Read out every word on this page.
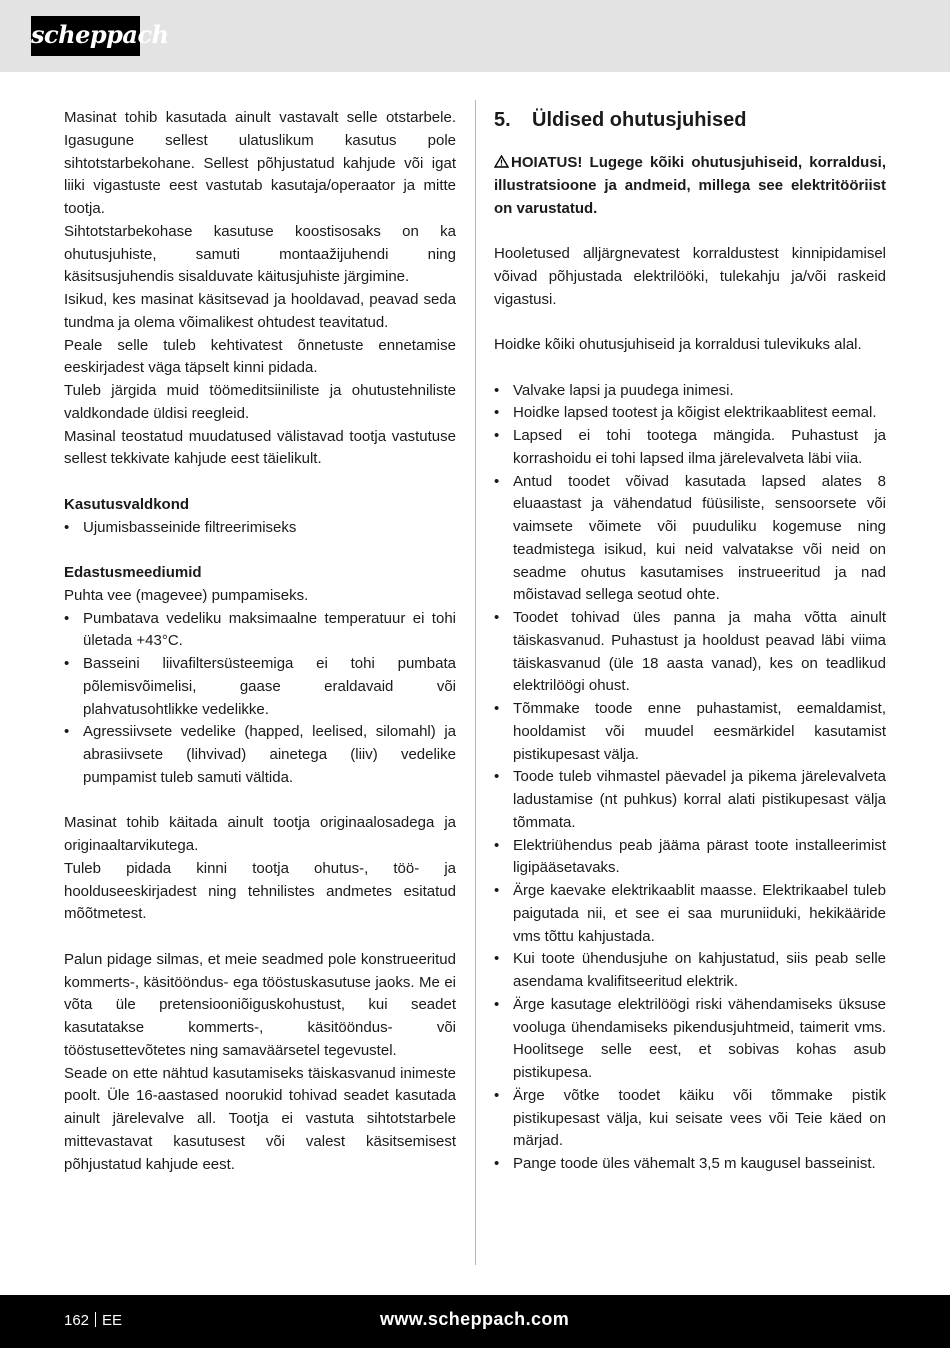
scheppach

Masinat tohib kasutada ainult vastavalt selle otstarbele. Igasugune sellest ulatuslikum kasutus pole sihtotstarbekohane. Sellest põhjustatud kahjude või igat liiki vigastuste eest vastutab kasutaja/operaator ja mitte tootja.

Sihtotstarbekohase kasutuse koostisosaks on ka ohutusjuhiste, samuti montaažijuhendi ning käsitsusjuhendis sisalduvate käitusjuhiste järgimine.

Isikud, kes masinat käsitsevad ja hooldavad, peavad seda tundma ja olema võimalikest ohtudest teavitatud.

Peale selle tuleb kehtivatest õnnetuste ennetamise eeskirjadest väga täpselt kinni pidada.

Tuleb järgida muid töömeditsiiniliste ja ohutustehniliste valdkondade üldisi reegleid.

Masinal teostatud muudatused välistavad tootja vastutuse sellest tekkivate kahjude eest täielikult.

Kasutusvaldkond

• Ujumisbasseinide filtreerimiseks

Edastusmeediumid

Puhta vee (magevee) pumpamiseks.

• Pumbatava vedeliku maksimaalne temperatuur ei tohi ületada +43°C.
• Basseini liivafiltersüsteemiga ei tohi pumbata põlemisvõimelisi, gaase eraldavaid või plahvatusohtlikke vedelikke.
• Agressiivsete vedelike (happed, leelised, silomahl) ja abrasiivsete (lihvivad) ainetega (liiv) vedelike pumpamist tuleb samuti vältida.

Masinat tohib käitada ainult tootja originaalosadega ja originaaltarvikutega.

Tuleb pidada kinni tootja ohutus-, töö- ja hoolduseeskirjadest ning tehnilistes andmetes esitatud mõõtmetest.

Palun pidage silmas, et meie seadmed pole konstrueeritud kommerts-, käsitööndus- ega tööstuskasutuse jaoks. Me ei võta üle pretensiooniõiguskohustust, kui seadet kasutatakse kommerts-, käsitööndus- või tööstusettevõtetes ning samaväärsetel tegevustel.

Seade on ette nähtud kasutamiseks täiskasvanud inimeste poolt. Üle 16-aastased noorukid tohivad seadet kasutada ainult järelevalve all. Tootja ei vastuta sihtotstarbele mittevastavat kasutusest või valest käsitsemisest põhjustatud kahjude eest.

5. Üldised ohutusjuhised

HOIATUS! Lugege kõiki ohutusjuhiseid, korraldusi, illustratsioone ja andmeid, millega see elektritööriist on varustatud.

Hooletused alljärgnevatest korraldustest kinnipidamisel võivad põhjustada elektrilööki, tulekahju ja/või raskeid vigastusi.

Hoidke kõiki ohutusjuhiseid ja korraldusi tulevikuks alal.

• Valvake lapsi ja puudega inimesi.
• Hoidke lapsed tootest ja kõigist elektrikaablitest eemal.
• Lapsed ei tohi tootega mängida. Puhastust ja korrashoidu ei tohi lapsed ilma järelevalveta läbi viia.
• Antud toodet võivad kasutada lapsed alates 8 eluaastast ja vähendatud füüsiliste, sensoorsete või vaimsete võimete või puuduliku kogemuse ning teadmistega isikud, kui neid valvatakse või neid on seadme ohutus kasutamises instrueeritud ja nad mõistavad sellega seotud ohte.
• Toodet tohivad üles panna ja maha võtta ainult täiskasvanud. Puhastust ja hooldust peavad läbi viima täiskasvanud (üle 18 aasta vanad), kes on teadlikud elektrilöögi ohust.
• Tõmmake toode enne puhastamist, eemaldamist, hooldamist või muudel eesmärkidel kasutamist pistikupesast välja.
• Toode tuleb vihmastel päevadel ja pikema järelevalveta ladustamise (nt puhkus) korral alati pistikupesast välja tõmmata.
• Elektriühendus peab jääma pärast toote installeerimist ligipääsetavaks.
• Ärge kaevake elektrikaablit maasse. Elektrikaabel tuleb paigutada nii, et see ei saa muruniiduki, hekikääride vms tõttu kahjustada.
• Kui toote ühendusjuhe on kahjustatud, siis peab selle asendama kvalifitseeritud elektrik.
• Ärge kasutage elektrilöögi riski vähendamiseks üksuse vooluga ühendamiseks pikendusjuhtmeid, taimerit vms. Hoolitsege selle eest, et sobivas kohas asub pistikupesa.
• Ärge võtke toodet käiku või tõmmake pistik pistikupesast välja, kui seisate vees või Teie käed on märjad.
• Pange toode üles vähemalt 3,5 m kaugusel basseinist.
162 EE	www.scheppach.com
